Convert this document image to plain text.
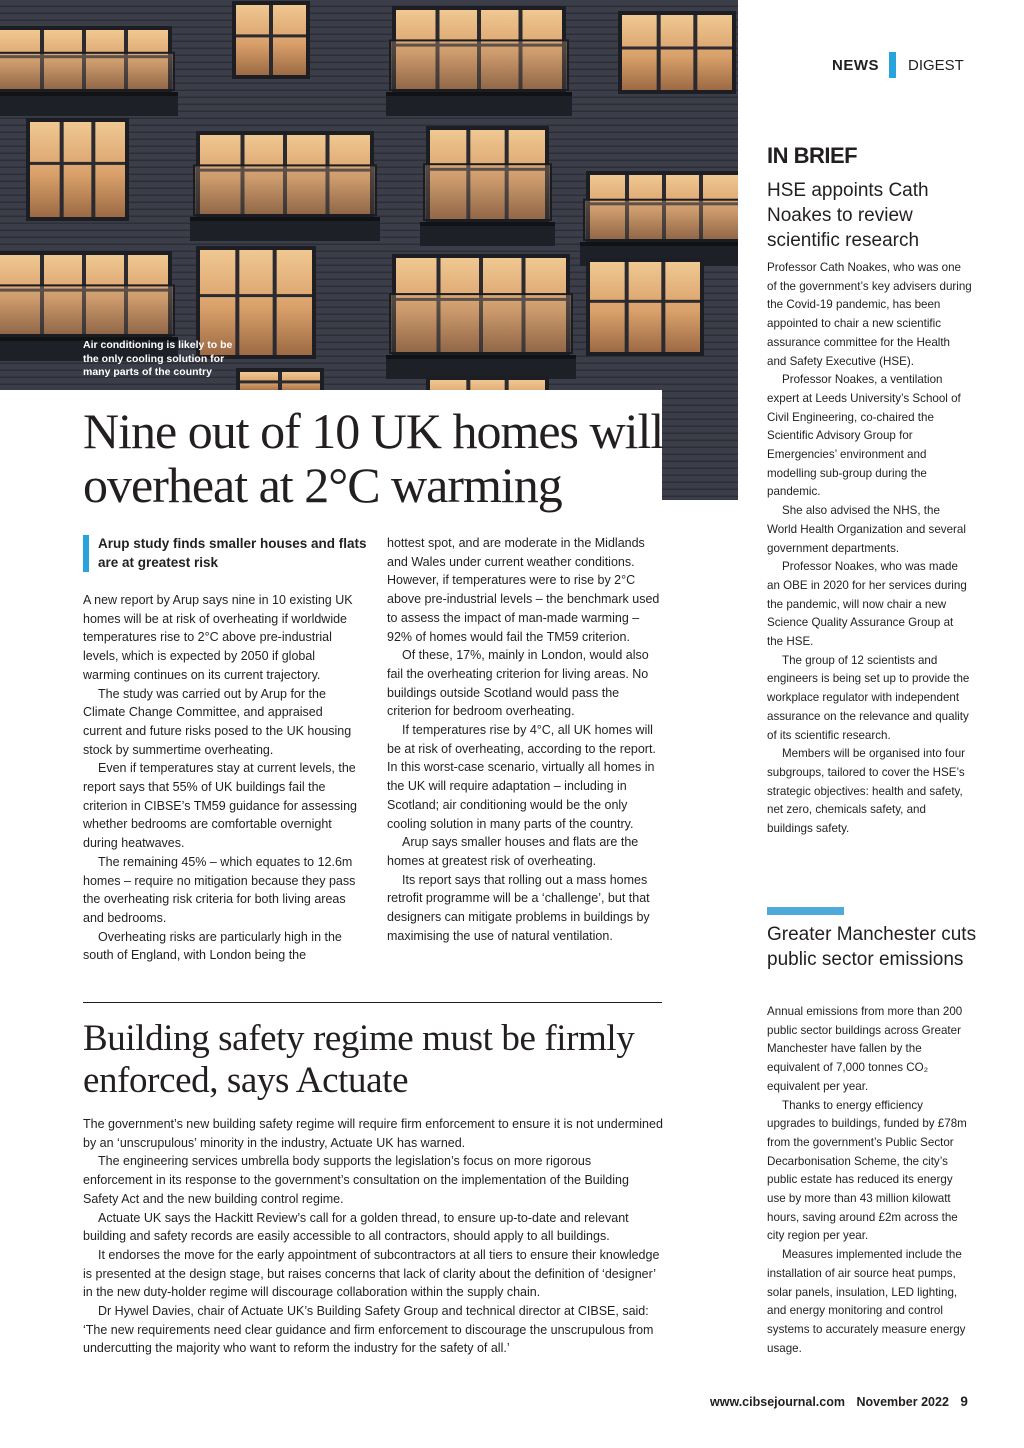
Air conditioning is likely to be the only cooling solution for many parts of the country
NEWS DIGEST
Nine out of 10 UK homes will overheat at 2°C warming
Arup study finds smaller houses and flats are at greatest risk

A new report by Arup says nine in 10 existing UK homes will be at risk of overheating if worldwide temperatures rise to 2°C above pre-industrial levels, which is expected by 2050 if global warming continues on its current trajectory.

The study was carried out by Arup for the Climate Change Committee, and appraised current and future risks posed to the UK housing stock by summertime overheating.

Even if temperatures stay at current levels, the report says that 55% of UK buildings fail the criterion in CIBSE’s TM59 guidance for assessing whether bedrooms are comfortable overnight during heatwaves.

The remaining 45% – which equates to 12.6m homes – require no mitigation because they pass the overheating risk criteria for both living areas and bedrooms.

Overheating risks are particularly high in the south of England, with London being the

hottest spot, and are moderate in the Midlands and Wales under current weather conditions. However, if temperatures were to rise by 2°C above pre-industrial levels – the benchmark used to assess the impact of man-made warming – 92% of homes would fail the TM59 criterion.

Of these, 17%, mainly in London, would also fail the overheating criterion for living areas. No buildings outside Scotland would pass the criterion for bedroom overheating.

If temperatures rise by 4°C, all UK homes will be at risk of overheating, according to the report. In this worst-case scenario, virtually all homes in the UK will require adaptation – including in Scotland; air conditioning would be the only cooling solution in many parts of the country.

Arup says smaller houses and flats are the homes at greatest risk of overheating.

Its report says that rolling out a mass homes retrofit programme will be a ‘challenge’, but that designers can mitigate problems in buildings by maximising the use of natural ventilation.

Building safety regime must be firmly enforced, says Actuate

The government’s new building safety regime will require firm enforcement to ensure it is not undermined by an ‘unscrupulous’ minority in the industry, Actuate UK has warned.

The engineering services umbrella body supports the legislation’s focus on more rigorous enforcement in its response to the government’s consultation on the implementation of the Building Safety Act and the new building control regime.

Actuate UK says the Hackitt Review’s call for a golden thread, to ensure up-to-date and relevant building and safety records are easily accessible to all contractors, should apply to all buildings.

It endorses the move for the early appointment of subcontractors at all tiers to ensure their knowledge is presented at the design stage, but raises concerns that lack of clarity about the definition of ‘designer’ in the new duty-holder regime will discourage collaboration within the supply chain.

Dr Hywel Davies, chair of Actuate UK’s Building Safety Group and technical director at CIBSE, said: ‘The new requirements need clear guidance and firm enforcement to discourage the unscrupulous from undercutting the majority who want to reform the industry for the safety of all.’

IN BRIEF
HSE appoints Cath Noakes to review scientific research

Professor Cath Noakes, who was one of the government’s key advisers during the Covid-19 pandemic, has been appointed to chair a new scientific assurance committee for the Health and Safety Executive (HSE).

Professor Noakes, a ventilation expert at Leeds University’s School of Civil Engineering, co-chaired the Scientific Advisory Group for Emergencies’ environment and modelling sub-group during the pandemic.

She also advised the NHS, the World Health Organization and several government departments.

Professor Noakes, who was made an OBE in 2020 for her services during the pandemic, will now chair a new Science Quality Assurance Group at the HSE.

The group of 12 scientists and engineers is being set up to provide the workplace regulator with independent assurance on the relevance and quality of its scientific research.

Members will be organised into four subgroups, tailored to cover the HSE’s strategic objectives: health and safety, net zero, chemicals safety, and buildings safety.

Greater Manchester cuts public sector emissions

Annual emissions from more than 200 public sector buildings across Greater Manchester have fallen by the equivalent of 7,000 tonnes CO₂ equivalent per year.

Thanks to energy efficiency upgrades to buildings, funded by £78m from the government’s Public Sector Decarbonisation Scheme, the city’s public estate has reduced its energy use by more than 43 million kilowatt hours, saving around £2m across the city region per year.

Measures implemented include the installation of air source heat pumps, solar panels, insulation, LED lighting, and energy monitoring and control systems to accurately measure energy usage.

www.cibsejournal.com November 2022 9
